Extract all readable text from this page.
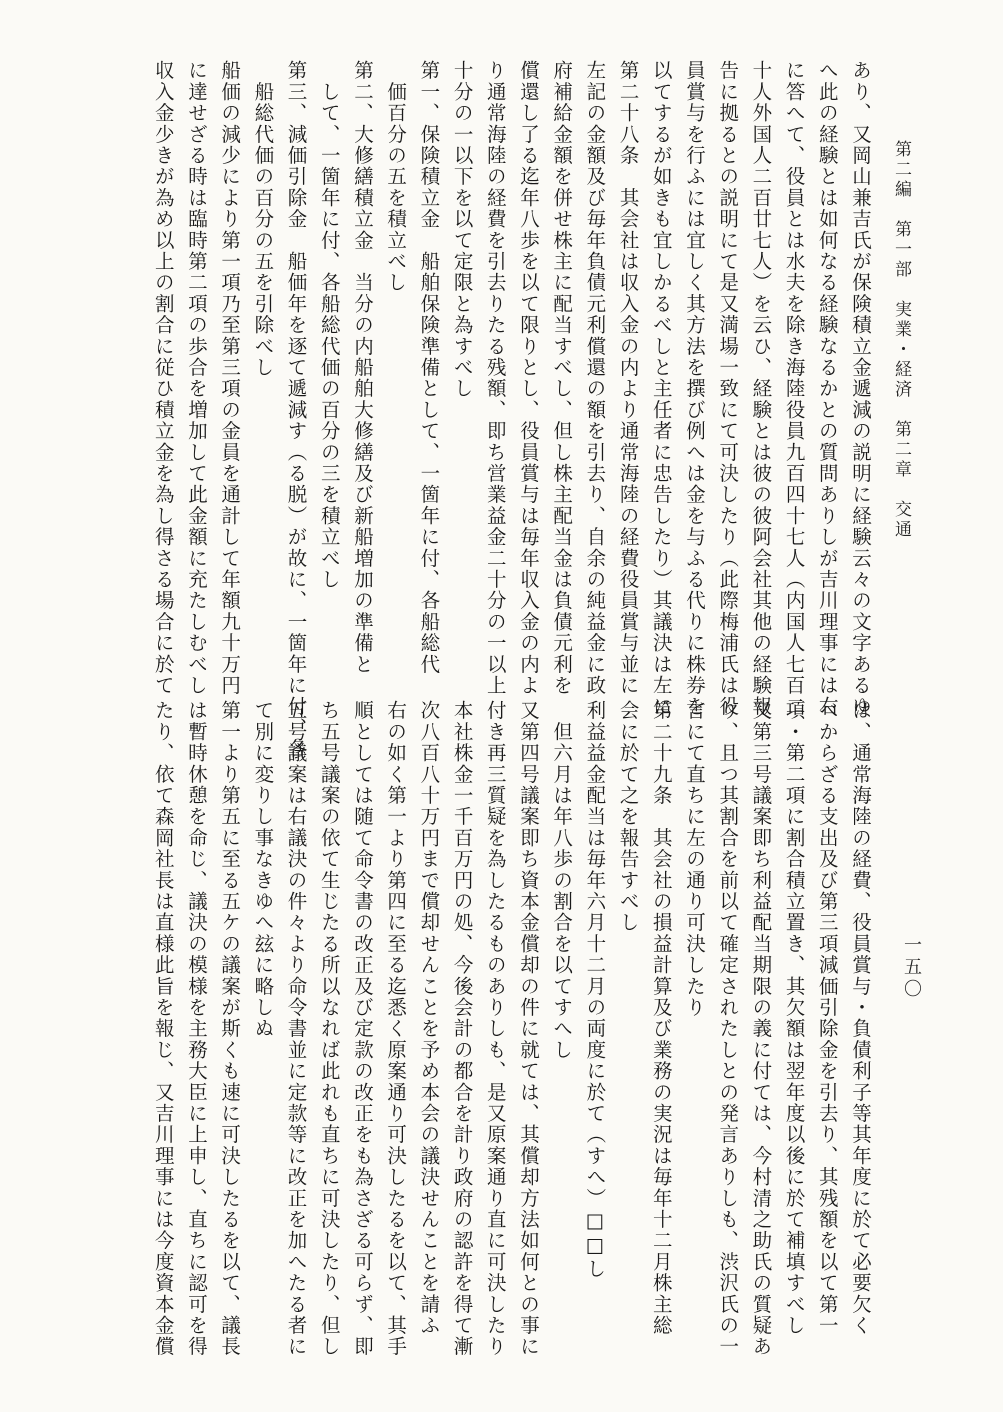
第二編　第一部　実業・経済　第二章　交通
一五〇
あり、又岡山兼吉氏が保険積立金遞減の説明に経験云々の文字あるゆ
へ此の経験とは如何なる経験なるかとの質問ありしが吉川理事には右
に答へて、役員とは水夫を除き海陸役員九百四十七人（内国人七百二
十人外国人二百廿七人）を云ひ、経験とは彼の彼阿会社其他の経験報
告に拠るとの説明にて是又満場一致にて可決したり（此際梅浦氏は役
員賞与を行ふには宜しく其方法を撰び例へは金を与ふる代りに株券を
以てするが如きも宜しかるべしと主任者に忠告したり）其議決は左に
第二十八条　其会社は収入金の内より通常海陸の経費役員賞与並に
左記の金額及び毎年負債元利償還の額を引去り、自余の純益金に政
府補給金額を併せ株主に配当すべし、但し株主配当金は負債元利を
償還し了る迄年八歩を以て限りとし、役員賞与は毎年収入金の内よ
り通常海陸の経費を引去りたる残額、即ち営業益金二十分の一以上
十分の一以下を以て定限と為すべし
第一、保険積立金　船舶保険準備として、一箇年に付、各船総代
　価百分の五を積立べし
第二、大修繕積立金　当分の内船舶大修繕及び新船増加の準備と
　して、一箇年に付、各船総代価の百分の三を積立べし
第三、減価引除金　船価年を逐て遞減す（る脱）が故に、一箇年に付、各
　船総代価の百分の五を引除べし
船価の減少により第一項乃至第三項の金員を通計して年額九十万円
に達せざる時は臨時第二項の歩合を増加して此金額に充たしむべし
収入金少きが為め以上の割合に従ひ積立金を為し得さる場合に於て
は、通常海陸の経費、役員賞与・負債利子等其年度に於て必要欠く
べからざる支出及び第三項減価引除金を引去り、其残額を以て第一
項・第二項に割合積立置き、其欠額は翌年度以後に於て補填すべし
又第三号議案即ち利益配当期限の義に付ては、今村清之助氏の質疑あ
り、且つ其割合を前以て確定されたしとの発言ありしも、渋沢氏の一
言にて直ちに左の通り可決したり
第二十九条　其会社の損益計算及び業務の実況は毎年十二月株主総
会に於て之を報告すべし
利益益金配当は毎年六月十二月の両度に於て（すへ）□□し
　但六月は年八歩の割合を以てすへし
又第四号議案即ち資本金償却の件に就ては、其償却方法如何との事に
付き再三質疑を為したるものありしも、是又原案通り直に可決したり
本社株金一千百万円の処、今後会計の都合を計り政府の認許を得て漸
次八百八十万円まで償却せんことを予め本会の議決せんことを請ふ
右の如く第一より第四に至る迄悉く原案通り可決したるを以て、其手
順としては随て命令書の改正及び定款の改正をも為さざる可らず、即
ち五号議案の依て生じたる所以なれば此れも直ちに可決したり、但し
五号議案は右議決の件々より命令書並に定款等に改正を加へたる者に
て別に変りし事なきゆへ玆に略しぬ
第一より第五に至る五ケの議案が斯くも速に可決したるを以て、議長
は暫時休憩を命じ、議決の模様を主務大臣に上申し、直ちに認可を得
たり、依て森岡社長は直様此旨を報じ、又吉川理事には今度資本金償
